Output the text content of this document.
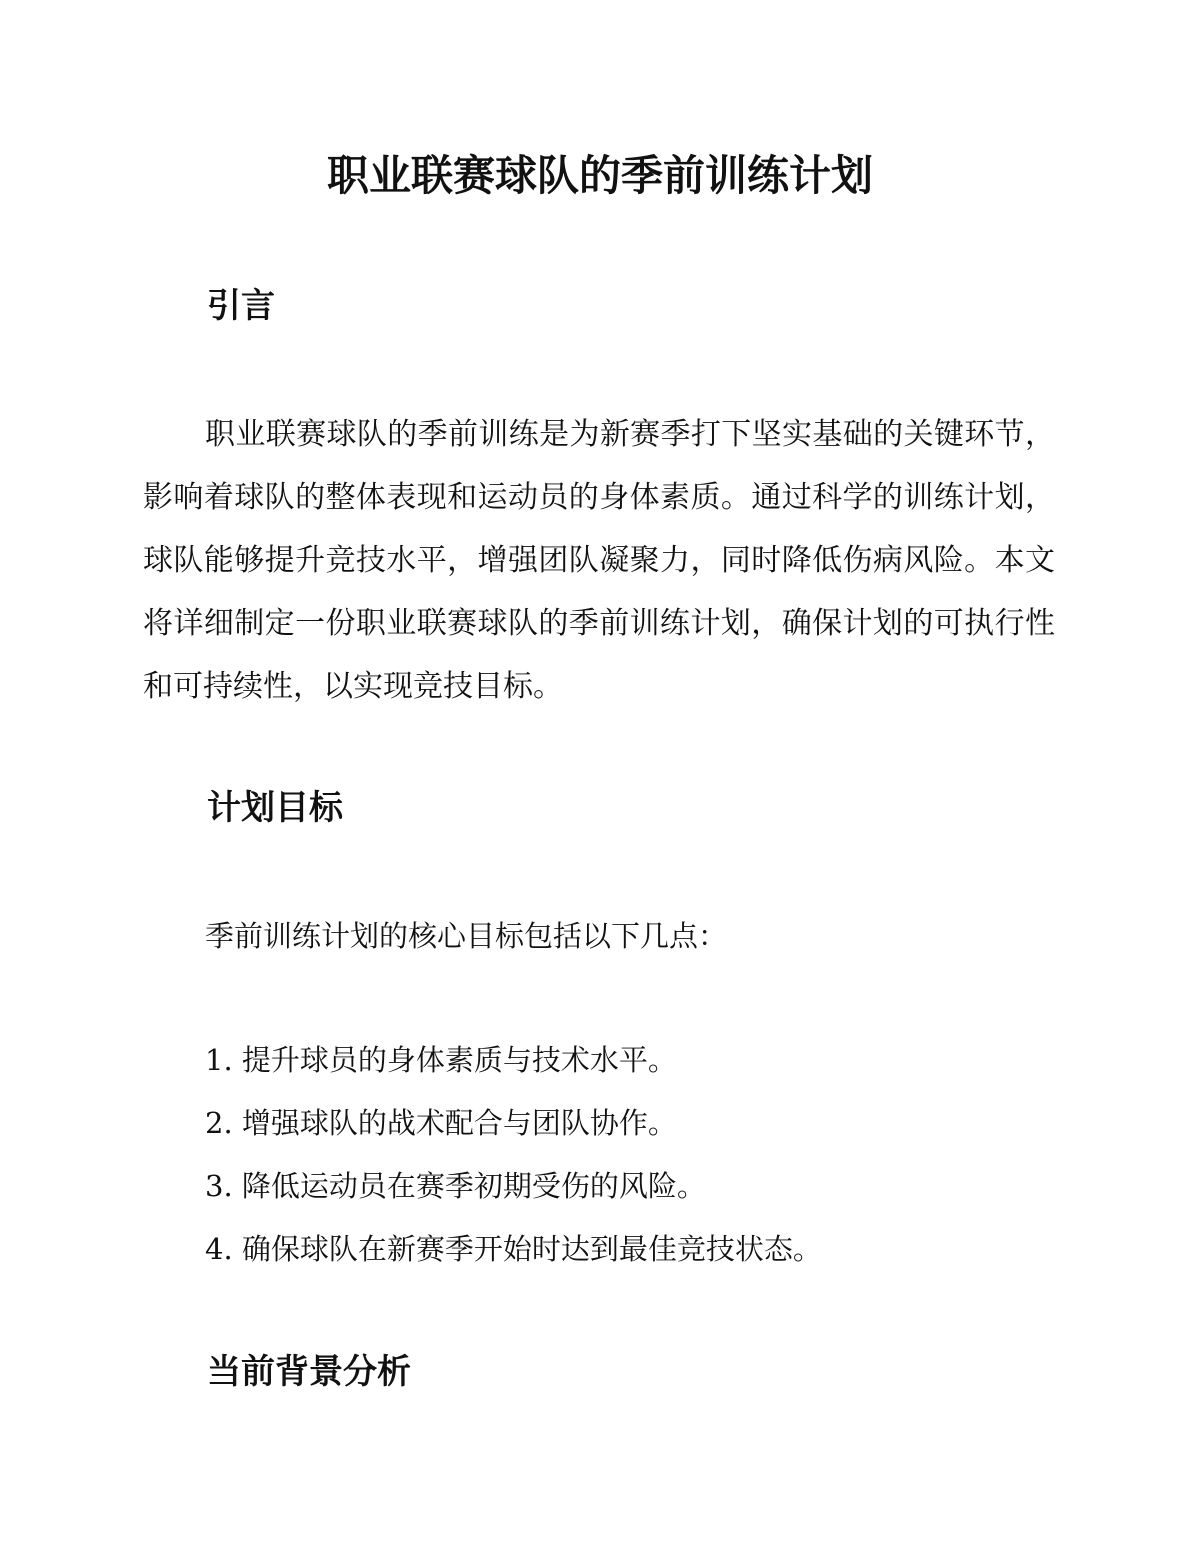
职业联赛球队的季前训练计划
引言

职业联赛球队的季前训练是为新赛季打下坚实基础的关键环节，影响着球队的整体表现和运动员的身体素质。通过科学的训练计划，球队能够提升竞技水平，增强团队凝聚力，同时降低伤病风险。本文将详细制定一份职业联赛球队的季前训练计划，确保计划的可执行性和可持续性，以实现竞技目标。

计划目标

季前训练计划的核心目标包括以下几点：

1. 提升球员的身体素质与技术水平。

2. 增强球队的战术配合与团队协作。

3. 降低运动员在赛季初期受伤的风险。

4. 确保球队在新赛季开始时达到最佳竞技状态。

当前背景分析
